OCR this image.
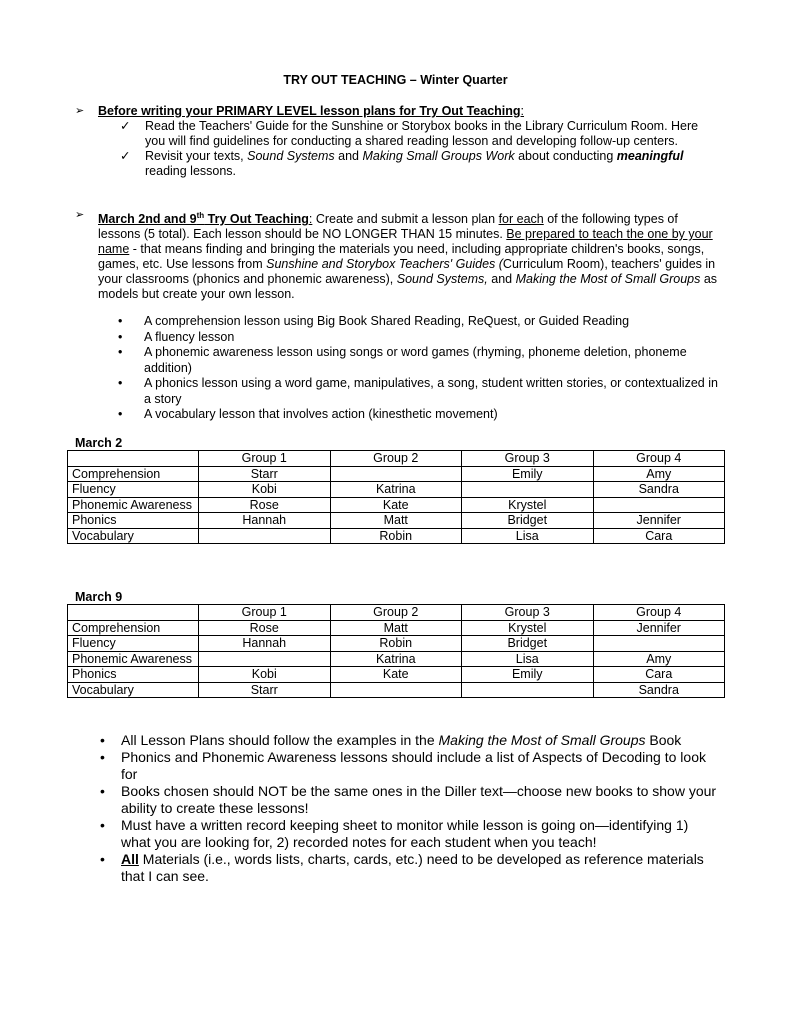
TRY OUT TEACHING – Winter Quarter
➢ Before writing your PRIMARY LEVEL lesson plans for Try Out Teaching:
✓ Read the Teachers' Guide for the Sunshine or Storybox books in the Library Curriculum Room. Here you will find guidelines for conducting a shared reading lesson and developing follow-up centers.
✓ Revisit your texts, Sound Systems and Making Small Groups Work about conducting meaningful reading lessons.
➢ March 2nd and 9th Try Out Teaching: Create and submit a lesson plan for each of the following types of lessons (5 total). Each lesson should be NO LONGER THAN 15 minutes. Be prepared to teach the one by your name - that means finding and bringing the materials you need, including appropriate children's books, songs, games, etc. Use lessons from Sunshine and Storybox Teachers' Guides (Curriculum Room), teachers' guides in your classrooms (phonics and phonemic awareness), Sound Systems, and Making the Most of Small Groups as models but create your own lesson.
• A comprehension lesson using Big Book Shared Reading, ReQuest, or Guided Reading
• A fluency lesson
• A phonemic awareness lesson using songs or word games (rhyming, phoneme deletion, phoneme addition)
• A phonics lesson using a word game, manipulatives, a song, student written stories, or contextualized in a story
• A vocabulary lesson that involves action (kinesthetic movement)
March 2
	Group 1	Group 2	Group 3	Group 4
Comprehension	Starr		Emily	Amy
Fluency	Kobi	Katrina		Sandra
Phonemic Awareness	Rose	Kate	Krystel	
Phonics	Hannah	Matt	Bridget	Jennifer
Vocabulary		Robin	Lisa	Cara
March 9
	Group 1	Group 2	Group 3	Group 4
Comprehension	Rose	Matt	Krystel	Jennifer
Fluency	Hannah	Robin	Bridget	
Phonemic Awareness		Katrina	Lisa	Amy
Phonics	Kobi	Kate	Emily	Cara
Vocabulary	Starr			Sandra
• All Lesson Plans should follow the examples in the Making the Most of Small Groups Book
• Phonics and Phonemic Awareness lessons should include a list of Aspects of Decoding to look for
• Books chosen should NOT be the same ones in the Diller text—choose new books to show your ability to create these lessons!
• Must have a written record keeping sheet to monitor while lesson is going on—identifying 1) what you are looking for, 2) recorded notes for each student when you teach!
• All Materials (i.e., words lists, charts, cards, etc.) need to be developed as reference materials that I can see.
